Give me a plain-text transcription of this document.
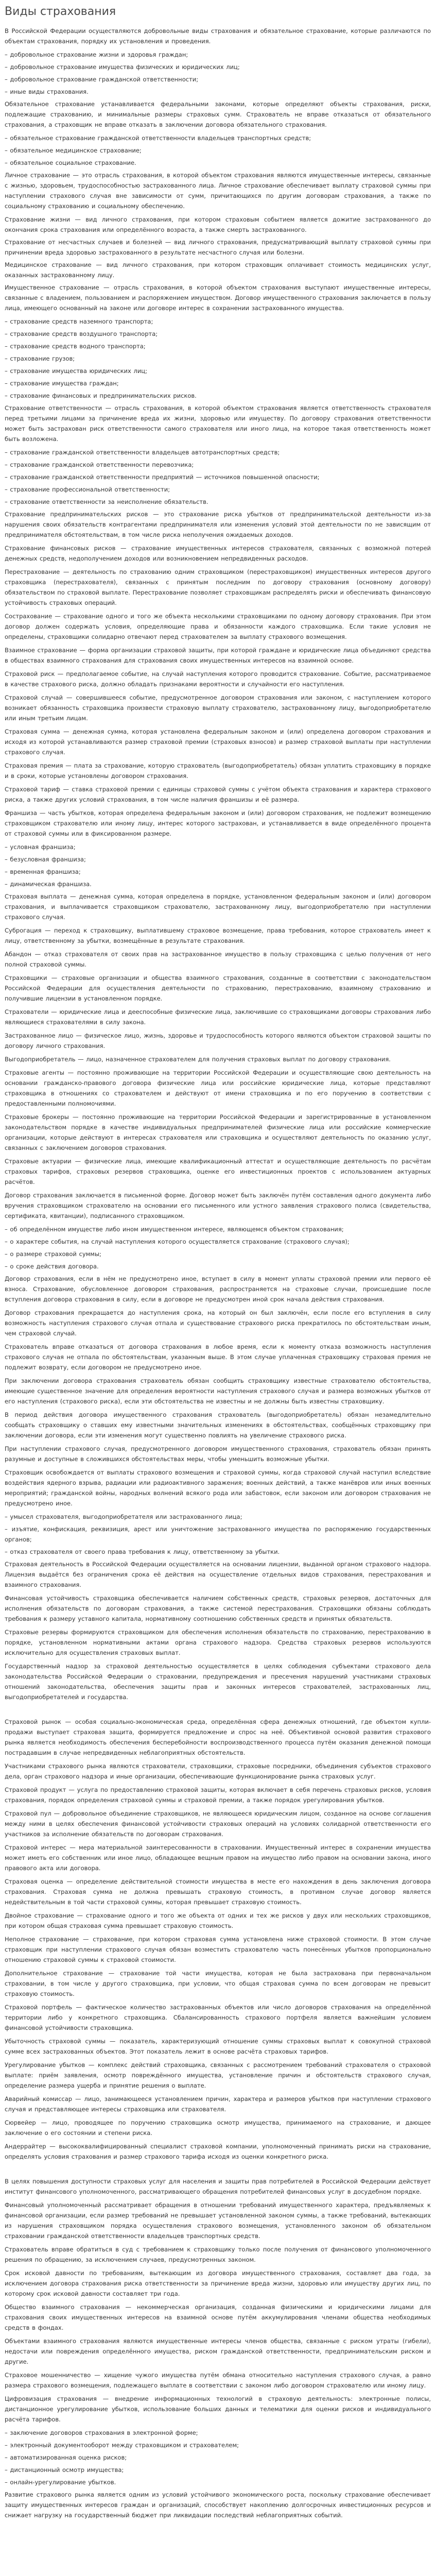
Виды страхования

В Российской Федерации осуществляются добровольные виды страхования и обязательное страхование, которые различаются по объектам страхования, порядку их установления и проведения.

– добровольное страхование жизни и здоровья граждан;

– добровольное страхование имущества физических и юридических лиц;

– добровольное страхование гражданской ответственности;

– иные виды страхования.

Обязательное страхование устанавливается федеральными законами, которые определяют объекты страхования, риски, подлежащие страхованию, и минимальные размеры страховых сумм. Страхователь не вправе отказаться от обязательного страхования, а страховщик не вправе отказать в заключении договора обязательного страхования.

– обязательное страхование гражданской ответственности владельцев транспортных средств;

– обязательное медицинское страхование;

– обязательное социальное страхование.

Личное страхование — это отрасль страхования, в которой объектом страхования являются имущественные интересы, связанные с жизнью, здоровьем, трудоспособностью застрахованного лица. Личное страхование обеспечивает выплату страховой суммы при наступлении страхового случая вне зависимости от сумм, причитающихся по другим договорам страхования, а также по социальному страхованию и социальному обеспечению.

Страхование жизни — вид личного страхования, при котором страховым событием является дожитие застрахованного до окончания срока страхования или определённого возраста, а также смерть застрахованного.

Страхование от несчастных случаев и болезней — вид личного страхования, предусматривающий выплату страховой суммы при причинении вреда здоровью застрахованного в результате несчастного случая или болезни.

Медицинское страхование — вид личного страхования, при котором страховщик оплачивает стоимость медицинских услуг, оказанных застрахованному лицу.

Имущественное страхование — отрасль страхования, в которой объектом страхования выступают имущественные интересы, связанные с владением, пользованием и распоряжением имуществом. Договор имущественного страхования заключается в пользу лица, имеющего основанный на законе или договоре интерес в сохранении застрахованного имущества.

– страхование средств наземного транспорта;

– страхование средств воздушного транспорта;

– страхование средств водного транспорта;

– страхование грузов;

– страхование имущества юридических лиц;

– страхование имущества граждан;

– страхование финансовых и предпринимательских рисков.

Страхование ответственности — отрасль страхования, в которой объектом страхования является ответственность страхователя перед третьими лицами за причинение вреда их жизни, здоровью или имуществу. По договору страхования ответственности может быть застрахован риск ответственности самого страхователя или иного лица, на которое такая ответственность может быть возложена.

– страхование гражданской ответственности владельцев автотранспортных средств;

– страхование гражданской ответственности перевозчика;

– страхование гражданской ответственности предприятий — источников повышенной опасности;

– страхование профессиональной ответственности;

– страхование ответственности за неисполнение обязательств.

Страхование предпринимательских рисков — это страхование риска убытков от предпринимательской деятельности из-за нарушения своих обязательств контрагентами предпринимателя или изменения условий этой деятельности по не зависящим от предпринимателя обстоятельствам, в том числе риска неполучения ожидаемых доходов.

Страхование финансовых рисков — страхование имущественных интересов страхователя, связанных с возможной потерей денежных средств, недополучением доходов или возникновением непредвиденных расходов.

Перестрахование — деятельность по страхованию одним страховщиком (перестраховщиком) имущественных интересов другого страховщика (перестрахователя), связанных с принятым последним по договору страхования (основному договору) обязательством по страховой выплате. Перестрахование позволяет страховщикам распределять риски и обеспечивать финансовую устойчивость страховых операций.

Сострахование — страхование одного и того же объекта несколькими страховщиками по одному договору страхования. При этом договор должен содержать условия, определяющие права и обязанности каждого страховщика. Если такие условия не определены, страховщики солидарно отвечают перед страхователем за выплату страхового возмещения.

Взаимное страхование — форма организации страховой защиты, при которой граждане и юридические лица объединяют средства в обществах взаимного страхования для страхования своих имущественных интересов на взаимной основе.

Страховой риск — предполагаемое событие, на случай наступления которого проводится страхование. Событие, рассматриваемое в качестве страхового риска, должно обладать признаками вероятности и случайности его наступления.

Страховой случай — совершившееся событие, предусмотренное договором страхования или законом, с наступлением которого возникает обязанность страховщика произвести страховую выплату страхователю, застрахованному лицу, выгодоприобретателю или иным третьим лицам.

Страховая сумма — денежная сумма, которая установлена федеральным законом и (или) определена договором страхования и исходя из которой устанавливаются размер страховой премии (страховых взносов) и размер страховой выплаты при наступлении страхового случая.

Страховая премия — плата за страхование, которую страхователь (выгодоприобретатель) обязан уплатить страховщику в порядке и в сроки, которые установлены договором страхования.

Страховой тариф — ставка страховой премии с единицы страховой суммы с учётом объекта страхования и характера страхового риска, а также других условий страхования, в том числе наличия франшизы и её размера.

Франшиза — часть убытков, которая определена федеральным законом и (или) договором страхования, не подлежит возмещению страховщиком страхователю или иному лицу, интерес которого застрахован, и устанавливается в виде определённого процента от страховой суммы или в фиксированном размере.

– условная франшиза;

– безусловная франшиза;

– временная франшиза;

– динамическая франшиза.

Страховая выплата — денежная сумма, которая определена в порядке, установленном федеральным законом и (или) договором страхования, и выплачивается страховщиком страхователю, застрахованному лицу, выгодоприобретателю при наступлении страхового случая.

Суброгация — переход к страховщику, выплатившему страховое возмещение, права требования, которое страхователь имеет к лицу, ответственному за убытки, возмещённые в результате страхования.

Абандон — отказ страхователя от своих прав на застрахованное имущество в пользу страховщика с целью получения от него полной страховой суммы.

Страховщики — страховые организации и общества взаимного страхования, созданные в соответствии с законодательством Российской Федерации для осуществления деятельности по страхованию, перестрахованию, взаимному страхованию и получившие лицензии в установленном порядке.

Страхователи — юридические лица и дееспособные физические лица, заключившие со страховщиками договоры страхования либо являющиеся страхователями в силу закона.

Застрахованное лицо — физическое лицо, жизнь, здоровье и трудоспособность которого являются объектом страховой защиты по договору личного страхования.

Выгодоприобретатель — лицо, назначенное страхователем для получения страховых выплат по договору страхования.

Страховые агенты — постоянно проживающие на территории Российской Федерации и осуществляющие свою деятельность на основании гражданско-правового договора физические лица или российские юридические лица, которые представляют страховщика в отношениях со страхователем и действуют от имени страховщика и по его поручению в соответствии с предоставленными полномочиями.

Страховые брокеры — постоянно проживающие на территории Российской Федерации и зарегистрированные в установленном законодательством порядке в качестве индивидуальных предпринимателей физические лица или российские коммерческие организации, которые действуют в интересах страхователя или страховщика и осуществляют деятельность по оказанию услуг, связанных с заключением договоров страхования.

Страховые актуарии — физические лица, имеющие квалификационный аттестат и осуществляющие деятельность по расчётам страховых тарифов, страховых резервов страховщика, оценке его инвестиционных проектов с использованием актуарных расчётов.

Договор страхования заключается в письменной форме. Договор может быть заключён путём составления одного документа либо вручения страховщиком страхователю на основании его письменного или устного заявления страхового полиса (свидетельства, сертификата, квитанции), подписанного страховщиком.

– об определённом имуществе либо ином имущественном интересе, являющемся объектом страхования;

– о характере события, на случай наступления которого осуществляется страхование (страхового случая);

– о размере страховой суммы;

– о сроке действия договора.

Договор страхования, если в нём не предусмотрено иное, вступает в силу в момент уплаты страховой премии или первого её взноса. Страхование, обусловленное договором страхования, распространяется на страховые случаи, происшедшие после вступления договора страхования в силу, если в договоре не предусмотрен иной срок начала действия страхования.

Договор страхования прекращается до наступления срока, на который он был заключён, если после его вступления в силу возможность наступления страхового случая отпала и существование страхового риска прекратилось по обстоятельствам иным, чем страховой случай.

Страхователь вправе отказаться от договора страхования в любое время, если к моменту отказа возможность наступления страхового случая не отпала по обстоятельствам, указанным выше. В этом случае уплаченная страховщику страховая премия не подлежит возврату, если договором не предусмотрено иное.

При заключении договора страхования страхователь обязан сообщить страховщику известные страхователю обстоятельства, имеющие существенное значение для определения вероятности наступления страхового случая и размера возможных убытков от его наступления (страхового риска), если эти обстоятельства не известны и не должны быть известны страховщику.

В период действия договора имущественного страхования страхователь (выгодоприобретатель) обязан незамедлительно сообщать страховщику о ставших ему известными значительных изменениях в обстоятельствах, сообщённых страховщику при заключении договора, если эти изменения могут существенно повлиять на увеличение страхового риска.

При наступлении страхового случая, предусмотренного договором имущественного страхования, страхователь обязан принять разумные и доступные в сложившихся обстоятельствах меры, чтобы уменьшить возможные убытки.

Страховщик освобождается от выплаты страхового возмещения и страховой суммы, когда страховой случай наступил вследствие воздействия ядерного взрыва, радиации или радиоактивного заражения; военных действий, а также манёвров или иных военных мероприятий; гражданской войны, народных волнений всякого рода или забастовок, если законом или договором страхования не предусмотрено иное.

– умысел страхователя, выгодоприобретателя или застрахованного лица;

– изъятие, конфискация, реквизиция, арест или уничтожение застрахованного имущества по распоряжению государственных органов;

– отказ страхователя от своего права требования к лицу, ответственному за убытки.

Страховая деятельность в Российской Федерации осуществляется на основании лицензии, выданной органом страхового надзора. Лицензия выдаётся без ограничения срока её действия на осуществление отдельных видов страхования, перестрахования и взаимного страхования.

Финансовая устойчивость страховщика обеспечивается наличием собственных средств, страховых резервов, достаточных для исполнения обязательств по договорам страхования, а также системой перестрахования. Страховщики обязаны соблюдать требования к размеру уставного капитала, нормативному соотношению собственных средств и принятых обязательств.

Страховые резервы формируются страховщиком для обеспечения исполнения обязательств по страхованию, перестрахованию в порядке, установленном нормативными актами органа страхового надзора. Средства страховых резервов используются исключительно для осуществления страховых выплат.

Государственный надзор за страховой деятельностью осуществляется в целях соблюдения субъектами страхового дела законодательства Российской Федерации о страховании, предупреждения и пресечения нарушений участниками страховых отношений законодательства, обеспечения защиты прав и законных интересов страхователей, застрахованных лиц, выгодоприобретателей и государства.

Страховой рынок — особая социально-экономическая среда, определённая сфера денежных отношений, где объектом купли-продажи выступает страховая защита, формируется предложение и спрос на неё. Объективной основой развития страхового рынка является необходимость обеспечения бесперебойности воспроизводственного процесса путём оказания денежной помощи пострадавшим в случае непредвиденных неблагоприятных обстоятельств.

Участниками страхового рынка являются страхователи, страховщики, страховые посредники, объединения субъектов страхового дела, орган страхового надзора и иные организации, обеспечивающие функционирование рынка страховых услуг.

Страховой продукт — услуга по предоставлению страховой защиты, которая включает в себя перечень страховых рисков, условия страхования, порядок определения страховой суммы и страховой премии, а также порядок урегулирования убытков.

Страховой пул — добровольное объединение страховщиков, не являющееся юридическим лицом, созданное на основе соглашения между ними в целях обеспечения финансовой устойчивости страховых операций на условиях солидарной ответственности его участников за исполнение обязательств по договорам страхования.

Страховой интерес — мера материальной заинтересованности в страховании. Имущественный интерес в сохранении имущества может иметь его собственник или иное лицо, обладающее вещным правом на имущество либо правом на основании закона, иного правового акта или договора.

Страховая оценка — определение действительной стоимости имущества в месте его нахождения в день заключения договора страхования. Страховая сумма не должна превышать страховую стоимость, в противном случае договор является недействительным в той части страховой суммы, которая превышает страховую стоимость.

Двойное страхование — страхование одного и того же объекта от одних и тех же рисков у двух или нескольких страховщиков, при котором общая страховая сумма превышает страховую стоимость.

Неполное страхование — страхование, при котором страховая сумма установлена ниже страховой стоимости. В этом случае страховщик при наступлении страхового случая обязан возместить страхователю часть понесённых убытков пропорционально отношению страховой суммы к страховой стоимости.

Дополнительное страхование — страхование той части имущества, которая не была застрахована при первоначальном страховании, в том числе у другого страховщика, при условии, что общая страховая сумма по всем договорам не превысит страховую стоимость.

Страховой портфель — фактическое количество застрахованных объектов или число договоров страхования на определённой территории либо у конкретного страховщика. Сбалансированность страхового портфеля является важнейшим условием финансовой устойчивости страховщика.

Убыточность страховой суммы — показатель, характеризующий отношение суммы страховых выплат к совокупной страховой сумме всех застрахованных объектов. Этот показатель лежит в основе расчёта страховых тарифов.

Урегулирование убытков — комплекс действий страховщика, связанных с рассмотрением требований страхователя о страховой выплате: приём заявления, осмотр повреждённого имущества, установление причин и обстоятельств страхового случая, определение размера ущерба и принятие решения о выплате.

Аварийный комиссар — лицо, занимающееся установлением причин, характера и размеров убытков при наступлении страхового случая и представляющее интересы страховщика или страхователя.

Сюрвейер — лицо, проводящее по поручению страховщика осмотр имущества, принимаемого на страхование, и дающее заключение о его состоянии и степени риска.

Андеррайтер — высококвалифицированный специалист страховой компании, уполномоченный принимать риски на страхование, определять условия страхования и размер страхового тарифа исходя из оценки конкретного риска.

В целях повышения доступности страховых услуг для населения и защиты прав потребителей в Российской Федерации действует институт финансового уполномоченного, рассматривающего обращения потребителей финансовых услуг в досудебном порядке.

Финансовый уполномоченный рассматривает обращения в отношении требований имущественного характера, предъявляемых к финансовой организации, если размер требований не превышает установленной законом суммы, а также требований, вытекающих из нарушения страховщиком порядка осуществления страхового возмещения, установленного законом об обязательном страховании гражданской ответственности владельцев транспортных средств.

Страхователь вправе обратиться в суд с требованием к страховщику только после получения от финансового уполномоченного решения по обращению, за исключением случаев, предусмотренных законом.

Срок исковой давности по требованиям, вытекающим из договора имущественного страхования, составляет два года, за исключением договора страхования риска ответственности за причинение вреда жизни, здоровью или имуществу других лиц, по которому срок исковой давности составляет три года.

Общество взаимного страхования — некоммерческая организация, созданная физическими и юридическими лицами для страхования своих имущественных интересов на взаимной основе путём аккумулирования членами общества необходимых средств в фондах.

Объектами взаимного страхования являются имущественные интересы членов общества, связанные с риском утраты (гибели), недостачи или повреждения определённого имущества, риском гражданской ответственности, предпринимательским риском и другие.

Страховое мошенничество — хищение чужого имущества путём обмана относительно наступления страхового случая, а равно размера страхового возмещения, подлежащего выплате в соответствии с законом либо договором страхователю или иному лицу.

Цифровизация страхования — внедрение информационных технологий в страховую деятельность: электронные полисы, дистанционное урегулирование убытков, использование больших данных и телематики для оценки рисков и индивидуального расчёта тарифов.

– заключение договоров страхования в электронной форме;

– электронный документооборот между страховщиком и страхователем;

– автоматизированная оценка рисков;

– дистанционный осмотр имущества;

– онлайн-урегулирование убытков.

Развитие страхового рынка является одним из условий устойчивого экономического роста, поскольку страхование обеспечивает защиту имущественных интересов граждан и организаций, способствует накоплению долгосрочных инвестиционных ресурсов и снижает нагрузку на государственный бюджет при ликвидации последствий неблагоприятных событий.
